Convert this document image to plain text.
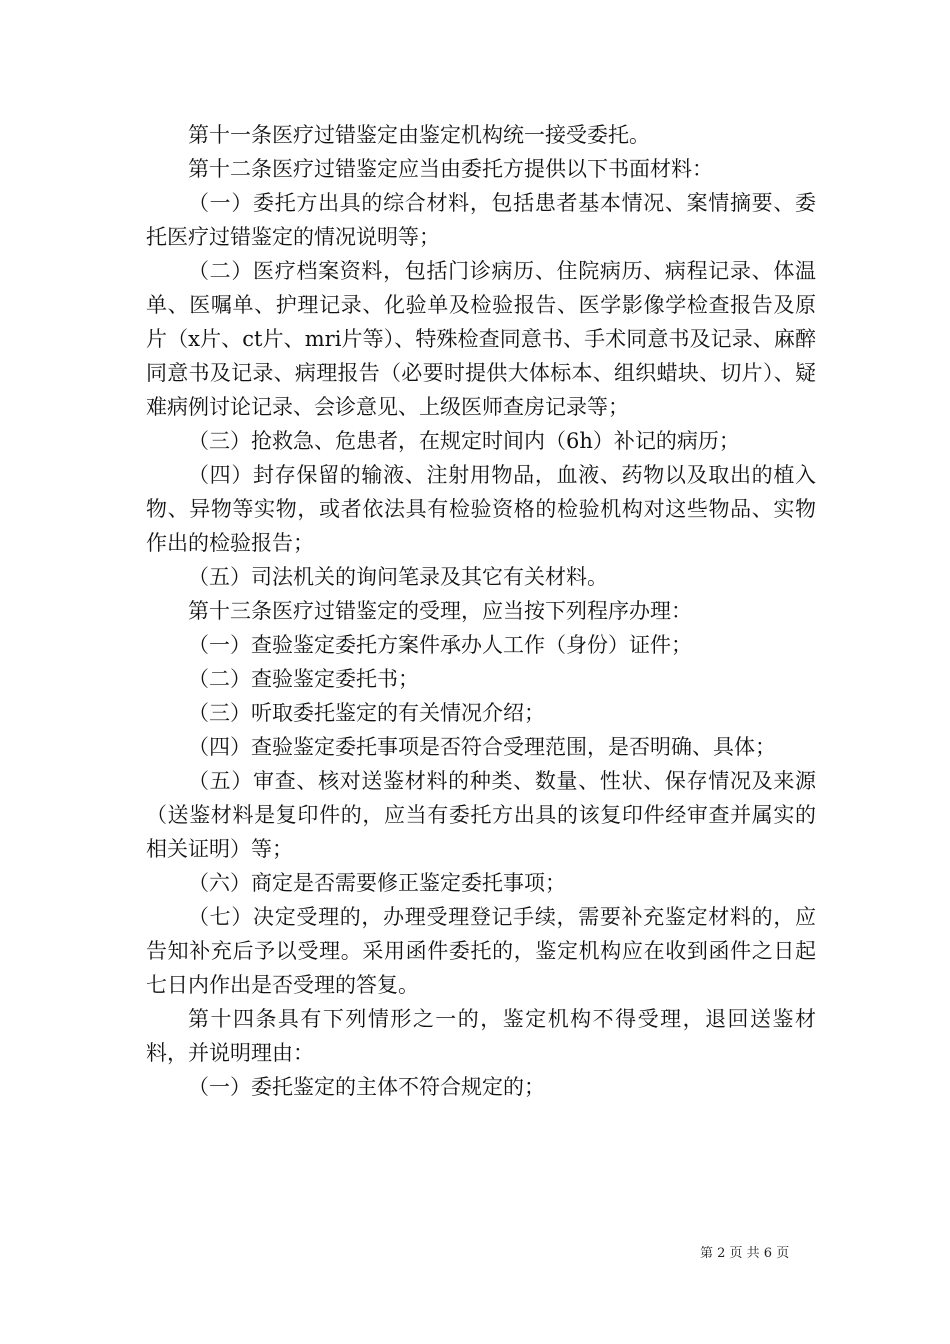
第十一条医疗过错鉴定由鉴定机构统一接受委托。

第十二条医疗过错鉴定应当由委托方提供以下书面材料：

（一）委托方出具的综合材料，包括患者基本情况、案情摘要、委托医疗过错鉴定的情况说明等；

（二）医疗档案资料，包括门诊病历、住院病历、病程记录、体温单、医嘱单、护理记录、化验单及检验报告、医学影像学检查报告及原片（x片、ct片、mri片等）、特殊检查同意书、手术同意书及记录、麻醉同意书及记录、病理报告（必要时提供大体标本、组织蜡块、切片）、疑难病例讨论记录、会诊意见、上级医师查房记录等；

（三）抢救急、危患者，在规定时间内（6h）补记的病历；

（四）封存保留的输液、注射用物品，血液、药物以及取出的植入物、异物等实物，或者依法具有检验资格的检验机构对这些物品、实物作出的检验报告；

（五）司法机关的询问笔录及其它有关材料。

第十三条医疗过错鉴定的受理，应当按下列程序办理：

（一）查验鉴定委托方案件承办人工作（身份）证件；

（二）查验鉴定委托书；

（三）听取委托鉴定的有关情况介绍；

（四）查验鉴定委托事项是否符合受理范围，是否明确、具体；

（五）审查、核对送鉴材料的种类、数量、性状、保存情况及来源（送鉴材料是复印件的，应当有委托方出具的该复印件经审查并属实的相关证明）等；

（六）商定是否需要修正鉴定委托事项；

（七）决定受理的，办理受理登记手续，需要补充鉴定材料的，应告知补充后予以受理。采用函件委托的，鉴定机构应在收到函件之日起七日内作出是否受理的答复。

第十四条具有下列情形之一的，鉴定机构不得受理，退回送鉴材料，并说明理由：

（一）委托鉴定的主体不符合规定的；

第 2 页 共 6 页
